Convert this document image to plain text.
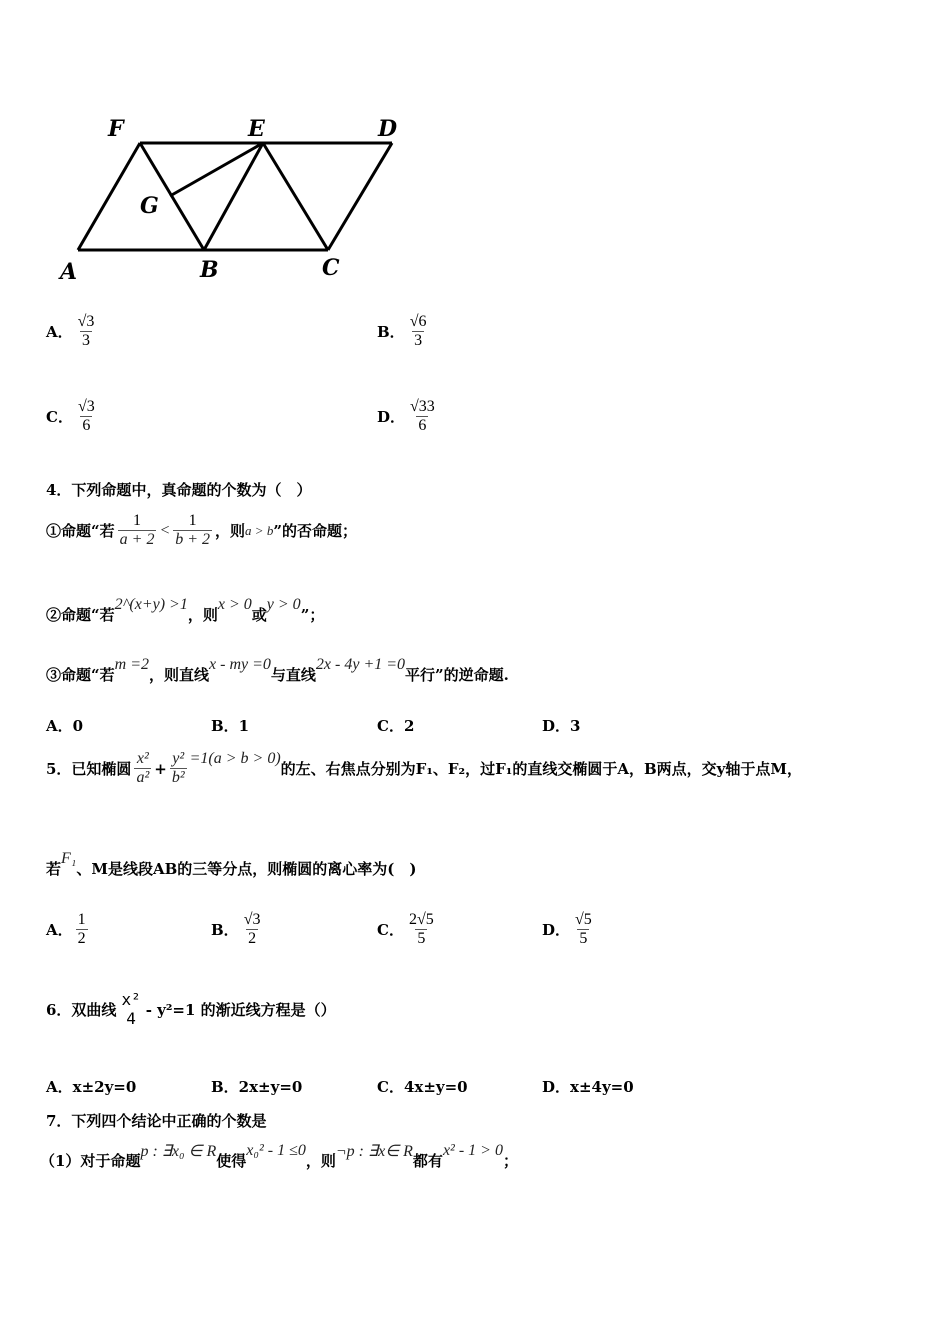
F	E	D
G
A	B	C
A． $\frac{√3}{3}$	B． $\frac{√6}{3}$
C． $\frac{√3}{6}$	D． $\frac{√33}{6}$
4．下列命题中，真命题的个数为（　）
①命题“若 $\frac{1}{a + 2} < \frac{1}{b + 2}$ ，则 a > b ”的否命题；
②命题“若
2^(x+y) >1
，则
x > 0
或
y > 0
”；
③命题“若
m =2
，则直线
x - my =0
与直线
2x - 4y +1 =0
平行”的逆命题.
A．0	B．1	C．2	D．3
5．已知椭圆 $\frac{\text{x²}}{\text{a²}} + \frac{\text{y²}}{\text{b²}} =1(a > b > 0)$
的左、右焦点分别为F₁、F₂，过F₁的直线交椭圆于A，B两点，交y轴于点M，
若
F₁
、M是线段AB的三等分点，则椭圆的离心率为(　)
A． $\frac{1}{2}$	B． $\frac{√3}{2}$	C． $\frac{2√5}{5}$	D． $\frac{√5}{5}$
6．双曲线
x²
4 - y²=1 的渐近线方程是（）
A．x±2y=0	B．2x±y=0	C．4x±y=0	D．x±4y=0
7．下列四个结论中正确的个数是
（1）对于命题
p : ∃x₀ ∈ R
使得
x₀² - 1 ≤0
，则
¬p : ∃x∈ R
都有
x² - 1 > 0
；
